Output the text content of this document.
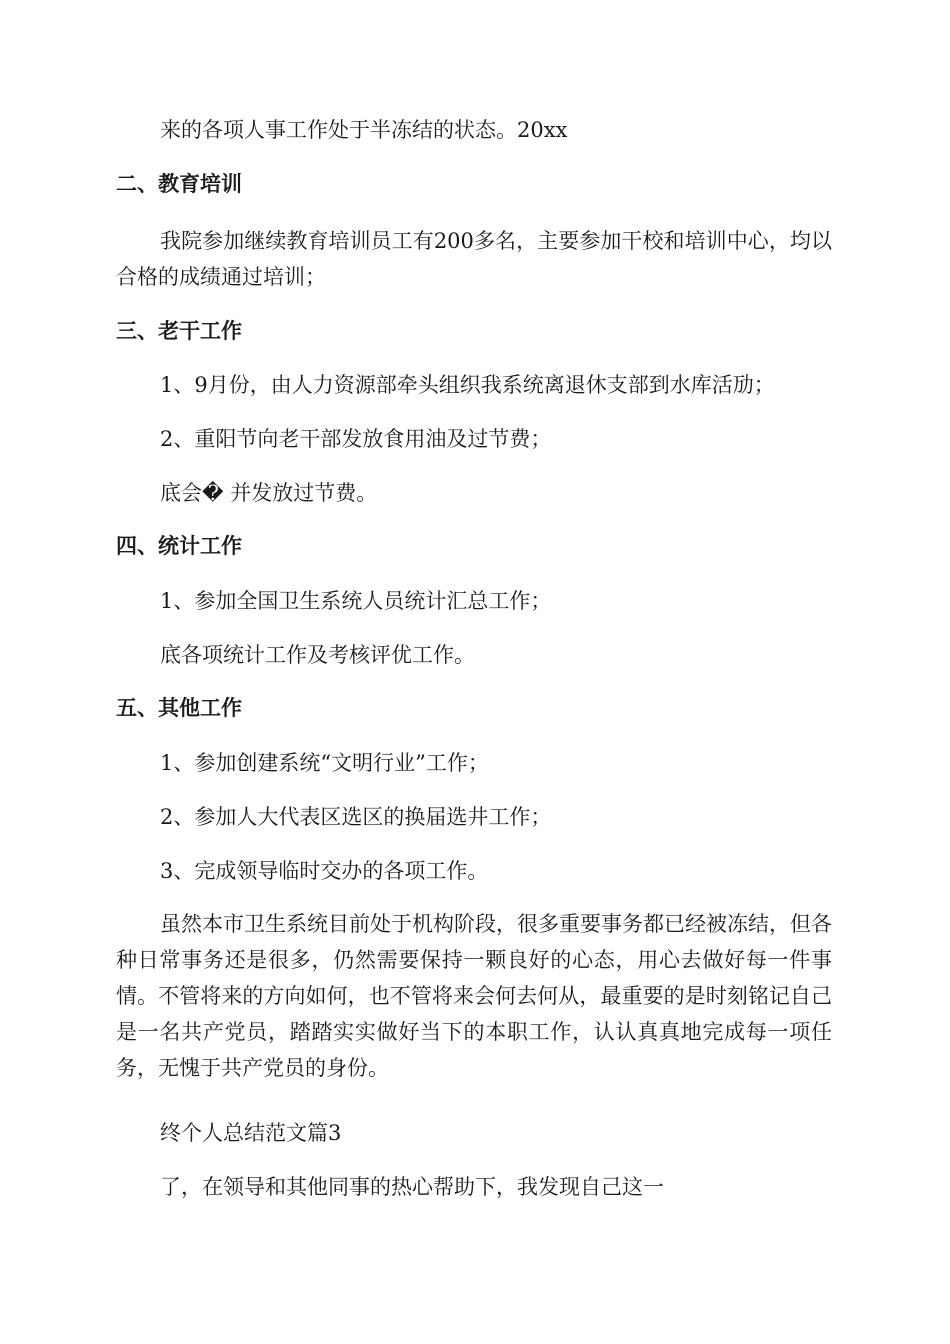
来的各项人事工作处于半冻结的状态。20xx
二、教育培训
我院参加继续教育培训员工有200多名，主要参加干校和培训中心，均以合格的成绩通过培训；
三、老干工作
1、9月份，由人力资源部牵头组织我系统离退休支部到水库活劢；
2、重阳节向老干部发放食用油及过节费；
底会� 并发放过节费。
四、统计工作
1、参加全国卫生系统人员统计汇总工作；
底各项统计工作及考核评优工作。
五、其他工作
1、参加创建系统“文明行业”工作；
2、参加人大代表区选区的换届选井工作；
3、完成领导临时交办的各项工作。
虽然本市卫生系统目前处于机构阶段，很多重要事务都已经被冻结，但各种日常事务还是很多，仍然需要保持一颗良好的心态，用心去做好每一件事情。不管将来的方向如何，也不管将来会何去何从，最重要的是时刻铭记自己是一名共产党员，踏踏实实做好当下的本职工作，认认真真地完成每一项任务，无愧于共产党员的身份。
终个人总结范文篇3
了，在领导和其他同事的热心帮助下，我发现自己这一
